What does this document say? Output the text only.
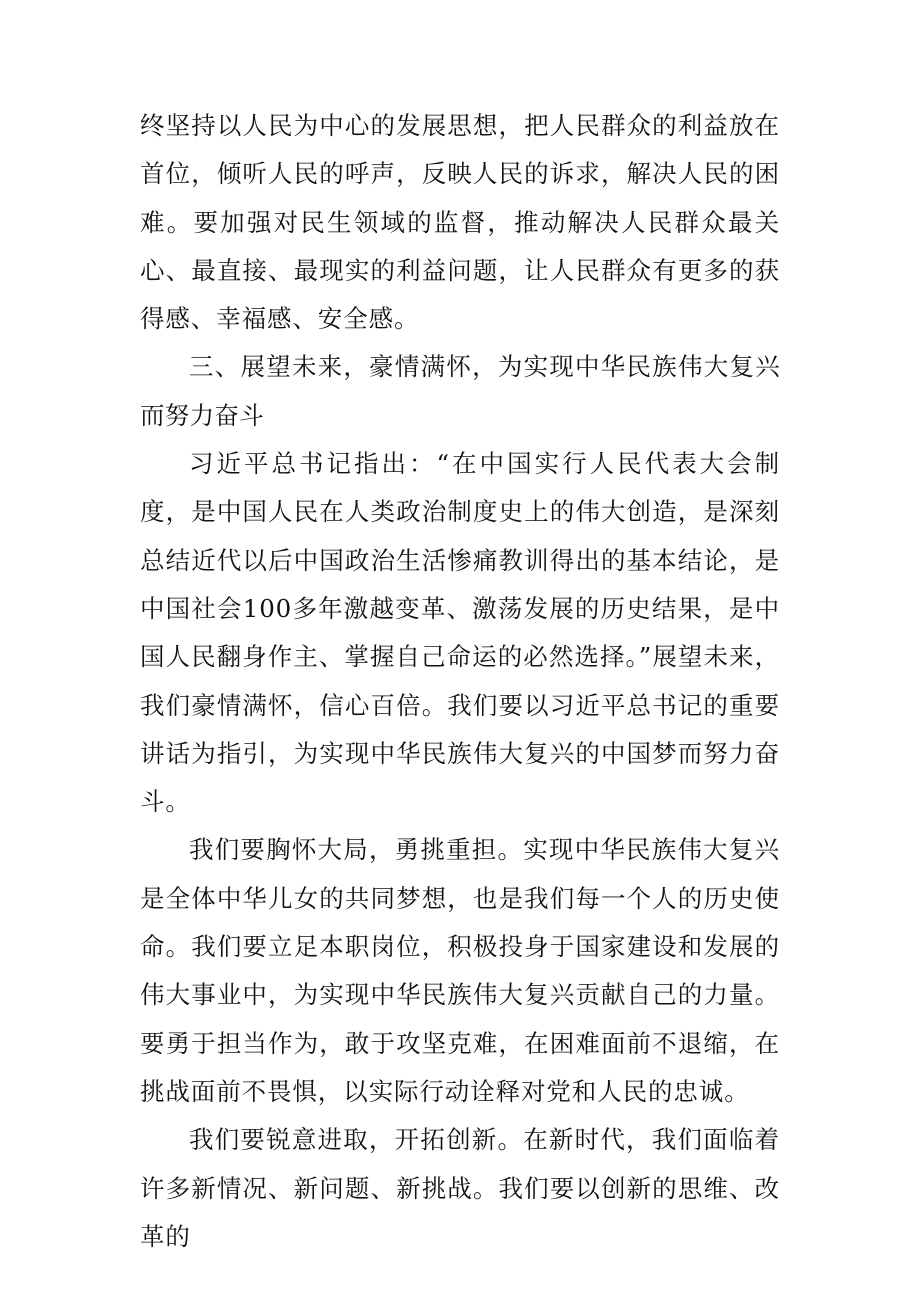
终坚持以人民为中心的发展思想，把人民群众的利益放在首位，倾听人民的呼声，反映人民的诉求，解决人民的困难。要加强对民生领域的监督，推动解决人民群众最关心、最直接、最现实的利益问题，让人民群众有更多的获得感、幸福感、安全感。

三、展望未来，豪情满怀，为实现中华民族伟大复兴而努力奋斗

习近平总书记指出：“在中国实行人民代表大会制度，是中国人民在人类政治制度史上的伟大创造，是深刻总结近代以后中国政治生活惨痛教训得出的基本结论，是中国社会100多年激越变革、激荡发展的历史结果，是中国人民翻身作主、掌握自己命运的必然选择。”展望未来，我们豪情满怀，信心百倍。我们要以习近平总书记的重要讲话为指引，为实现中华民族伟大复兴的中国梦而努力奋斗。

我们要胸怀大局，勇挑重担。实现中华民族伟大复兴是全体中华儿女的共同梦想，也是我们每一个人的历史使命。我们要立足本职岗位，积极投身于国家建设和发展的伟大事业中，为实现中华民族伟大复兴贡献自己的力量。要勇于担当作为，敢于攻坚克难，在困难面前不退缩，在挑战面前不畏惧，以实际行动诠释对党和人民的忠诚。

我们要锐意进取，开拓创新。在新时代，我们面临着许多新情况、新问题、新挑战。我们要以创新的思维、改革的
